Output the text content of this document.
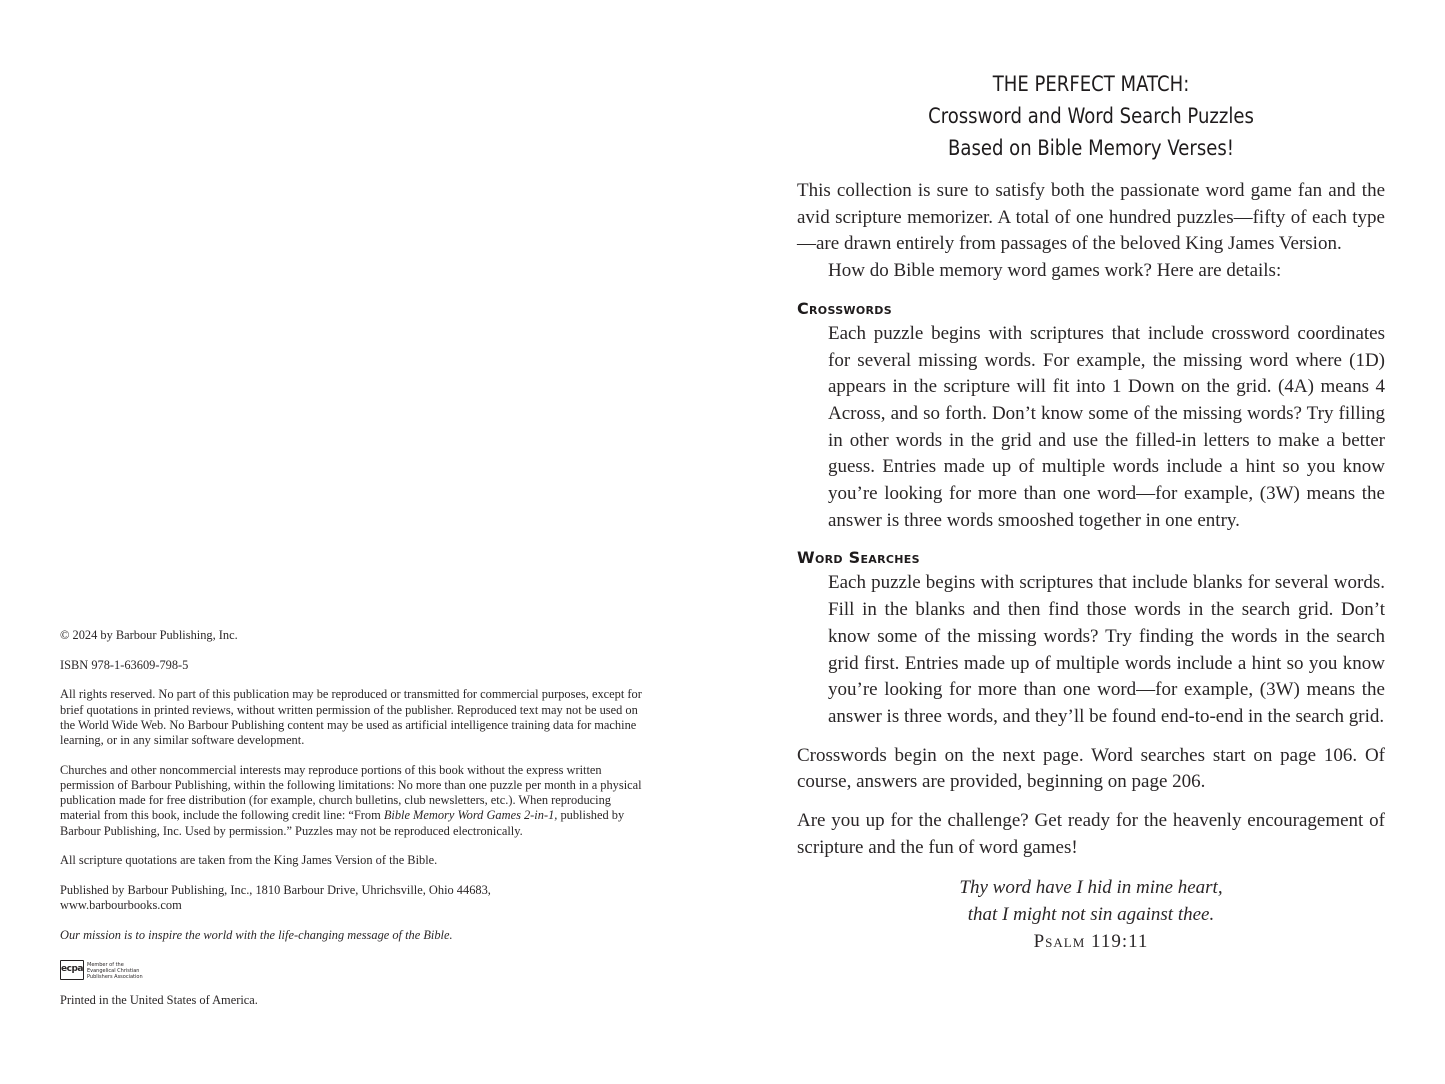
© 2024 by Barbour Publishing, Inc.

ISBN 978-1-63609-798-5

All rights reserved. No part of this publication may be reproduced or transmitted for commercial purposes, except for brief quotations in printed reviews, without written permission of the publisher. Reproduced text may not be used on the World Wide Web. No Barbour Publishing content may be used as artificial intelligence training data for machine learning, or in any similar software development.

Churches and other noncommercial interests may reproduce portions of this book without the express written permission of Barbour Publishing, within the following limitations: No more than one puzzle per month in a physical publication made for free distribution (for example, church bulletins, club newsletters, etc.). When reproducing material from this book, include the following credit line: “From Bible Memory Word Games 2-in-1, published by Barbour Publishing, Inc. Used by permission.” Puzzles may not be reproduced electronically.

All scripture quotations are taken from the King James Version of the Bible.

Published by Barbour Publishing, Inc., 1810 Barbour Drive, Uhrichsville, Ohio 44683,
www.barbourbooks.com

Our mission is to inspire the world with the life-changing message of the Bible.

ecpa Member of the
Evangelical Christian
Publishers Association

Printed in the United States of America.

THE PERFECT MATCH:
Crossword and Word Search Puzzles
Based on Bible Memory Verses!

This collection is sure to satisfy both the passionate word game fan and the avid scripture memorizer. A total of one hundred puzzles—fifty of each type—are drawn entirely from passages of the beloved King James Version.

How do Bible memory word games work? Here are details:

Crosswords
Each puzzle begins with scriptures that include crossword coordinates for several missing words. For example, the missing word where (1D) appears in the scripture will fit into 1 Down on the grid. (4A) means 4 Across, and so forth. Don’t know some of the missing words? Try filling in other words in the grid and use the filled-in letters to make a better guess. Entries made up of multiple words include a hint so you know you’re looking for more than one word—for example, (3W) means the answer is three words smooshed together in one entry.
Word Searches
Each puzzle begins with scriptures that include blanks for several words. Fill in the blanks and then find those words in the search grid. Don’t know some of the missing words? Try finding the words in the search grid first. Entries made up of multiple words include a hint so you know you’re looking for more than one word—for example, (3W) means the answer is three words, and they’ll be found end-to-end in the search grid.

Crosswords begin on the next page. Word searches start on page 106. Of course, answers are provided, beginning on page 206.

Are you up for the challenge? Get ready for the heavenly encouragement of scripture and the fun of word games!

Thy word have I hid in mine heart,
that I might not sin against thee.
Psalm 119:11
